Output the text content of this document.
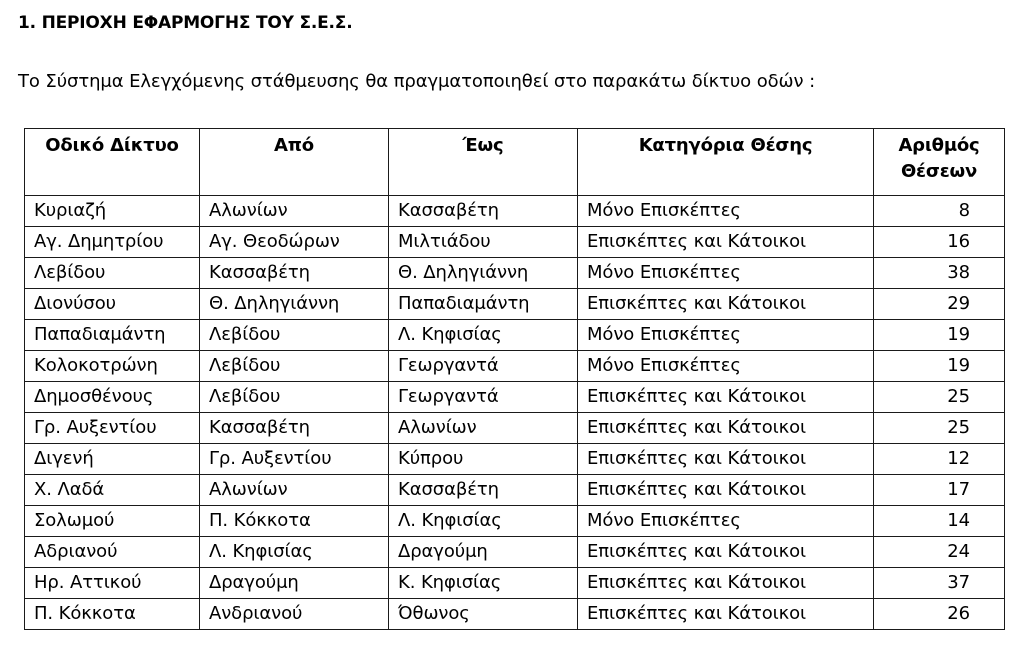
1. ΠΕΡΙΟΧΗ ΕΦΑΡΜΟΓΗΣ ΤΟΥ Σ.Ε.Σ.
Το Σύστημα Ελεγχόμενης στάθμευσης θα πραγματοποιηθεί στο παρακάτω δίκτυο οδών :
Οδικό Δίκτυο	Από	Έως	Κατηγόρια Θέσης	Αριθμός
Θέσεων

Κυριαζή	Αλωνίων	Κασσαβέτη	Μόνο Επισκέπτες	8
Αγ. Δημητρίου	Αγ. Θεοδώρων	Μιλτιάδου	Επισκέπτες και Κάτοικοι	16
Λεβίδου	Κασσαβέτη	Θ. Δηληγιάννη	Μόνο Επισκέπτες	38
Διονύσου	Θ. Δηληγιάννη	Παπαδιαμάντη	Επισκέπτες και Κάτοικοι	29
Παπαδιαμάντη	Λεβίδου	Λ. Κηφισίας	Μόνο Επισκέπτες	19
Κολοκοτρώνη	Λεβίδου	Γεωργαντά	Μόνο Επισκέπτες	19
Δημοσθένους	Λεβίδου	Γεωργαντά	Επισκέπτες και Κάτοικοι	25
Γρ. Αυξεντίου	Κασσαβέτη	Αλωνίων	Επισκέπτες και Κάτοικοι	25
Διγενή	Γρ. Αυξεντίου	Κύπρου	Επισκέπτες και Κάτοικοι	12
Χ. Λαδά	Αλωνίων	Κασσαβέτη	Επισκέπτες και Κάτοικοι	17
Σολωμού	Π. Κόκκοτα	Λ. Κηφισίας	Μόνο Επισκέπτες	14
Αδριανού	Λ. Κηφισίας	Δραγούμη	Επισκέπτες και Κάτοικοι	24
Ηρ. Αττικού	Δραγούμη	Κ. Κηφισίας	Επισκέπτες και Κάτοικοι	37
Π. Κόκκοτα	Ανδριανού	Όθωνος	Επισκέπτες και Κάτοικοι	26
